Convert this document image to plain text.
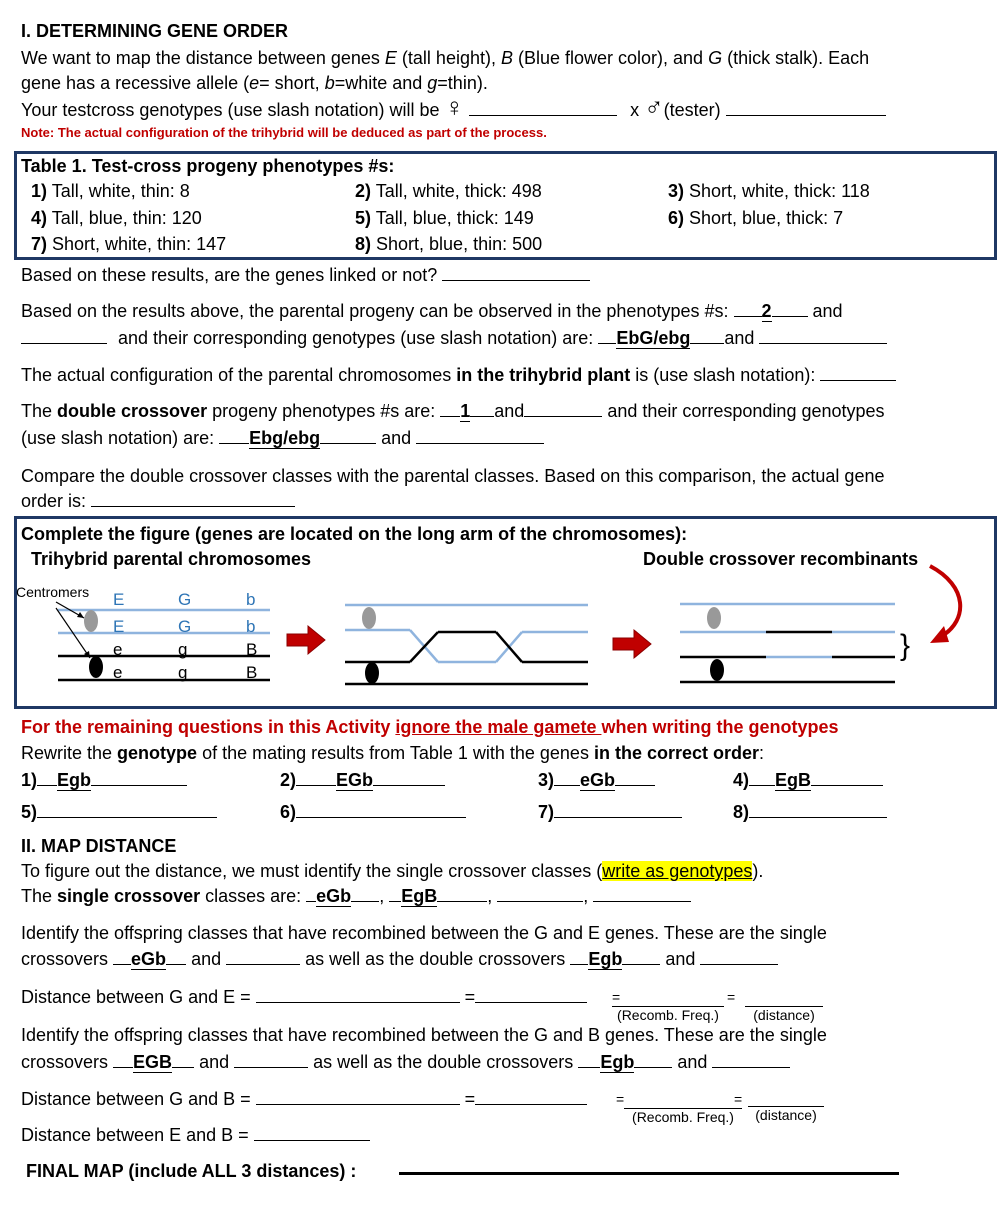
I. DETERMINING GENE ORDER
We want to map the distance between genes E (tall height), B (Blue flower color), and G (thick stalk). Each
gene has a recessive allele (e= short, b=white and g=thin).
Your testcross genotypes (use slash notation) will be ♀	x ♂(tester)
Note: The actual configuration of the trihybrid will be deduced as part of the process.
Table 1. Test-cross progeny phenotypes #s:
1) Tall, white, thin: 8	2) Tall, white, thick: 498	3) Short, white, thick: 118
4) Tall, blue, thin: 120	5) Tall, blue, thick: 149	6) Short, blue, thick: 7
7) Short, white, thin: 147	8) Short, blue, thin: 500
Based on these results, are the genes linked or not?
Based on the results above, the parental progeny can be observed in the phenotypes #s: 2 and
and their corresponding genotypes (use slash notation) are: EbG/ebg and
The actual configuration of the parental chromosomes in the trihybrid plant is (use slash notation):
The double crossover progeny phenotypes #s are: 1 and	and their corresponding genotypes
(use slash notation) are: Ebg/ebg	and
Compare the double crossover classes with the parental classes. Based on this comparison, the actual gene
order is:
Complete the figure (genes are located on the long arm of the chromosomes):
Trihybrid parental chromosomes	Double crossover recombinants
Centromers E	G	b
E	G	b
e	g	B
e	g	B
}
For the remaining questions in this Activity ignore the male gamete when writing the genotypes
Rewrite the genotype of the mating results from Table 1 with the genes in the correct order:
1) Egb	2) EGb	3) eGb	4) EgB
5)	6)	7)	8)
II. MAP DISTANCE
To figure out the distance, we must identify the single crossover classes (write as genotypes).
The single crossover classes are: eGb , EgB	,	,
Identify the offspring classes that have recombined between the G and E genes. These are the single
crossovers eGb and	as well as the double crossovers Egb and
Distance between G and E =	=	=
(Recomb. Freq.)
=
(distance)
Identify the offspring classes that have recombined between the G and B genes. These are the single
crossovers EGB and	as well as the double crossovers Egb and
Distance between G and B =	=	=
(Recomb. Freq.)
=
(distance)
Distance between E and B =
FINAL MAP (include ALL 3 distances) :
